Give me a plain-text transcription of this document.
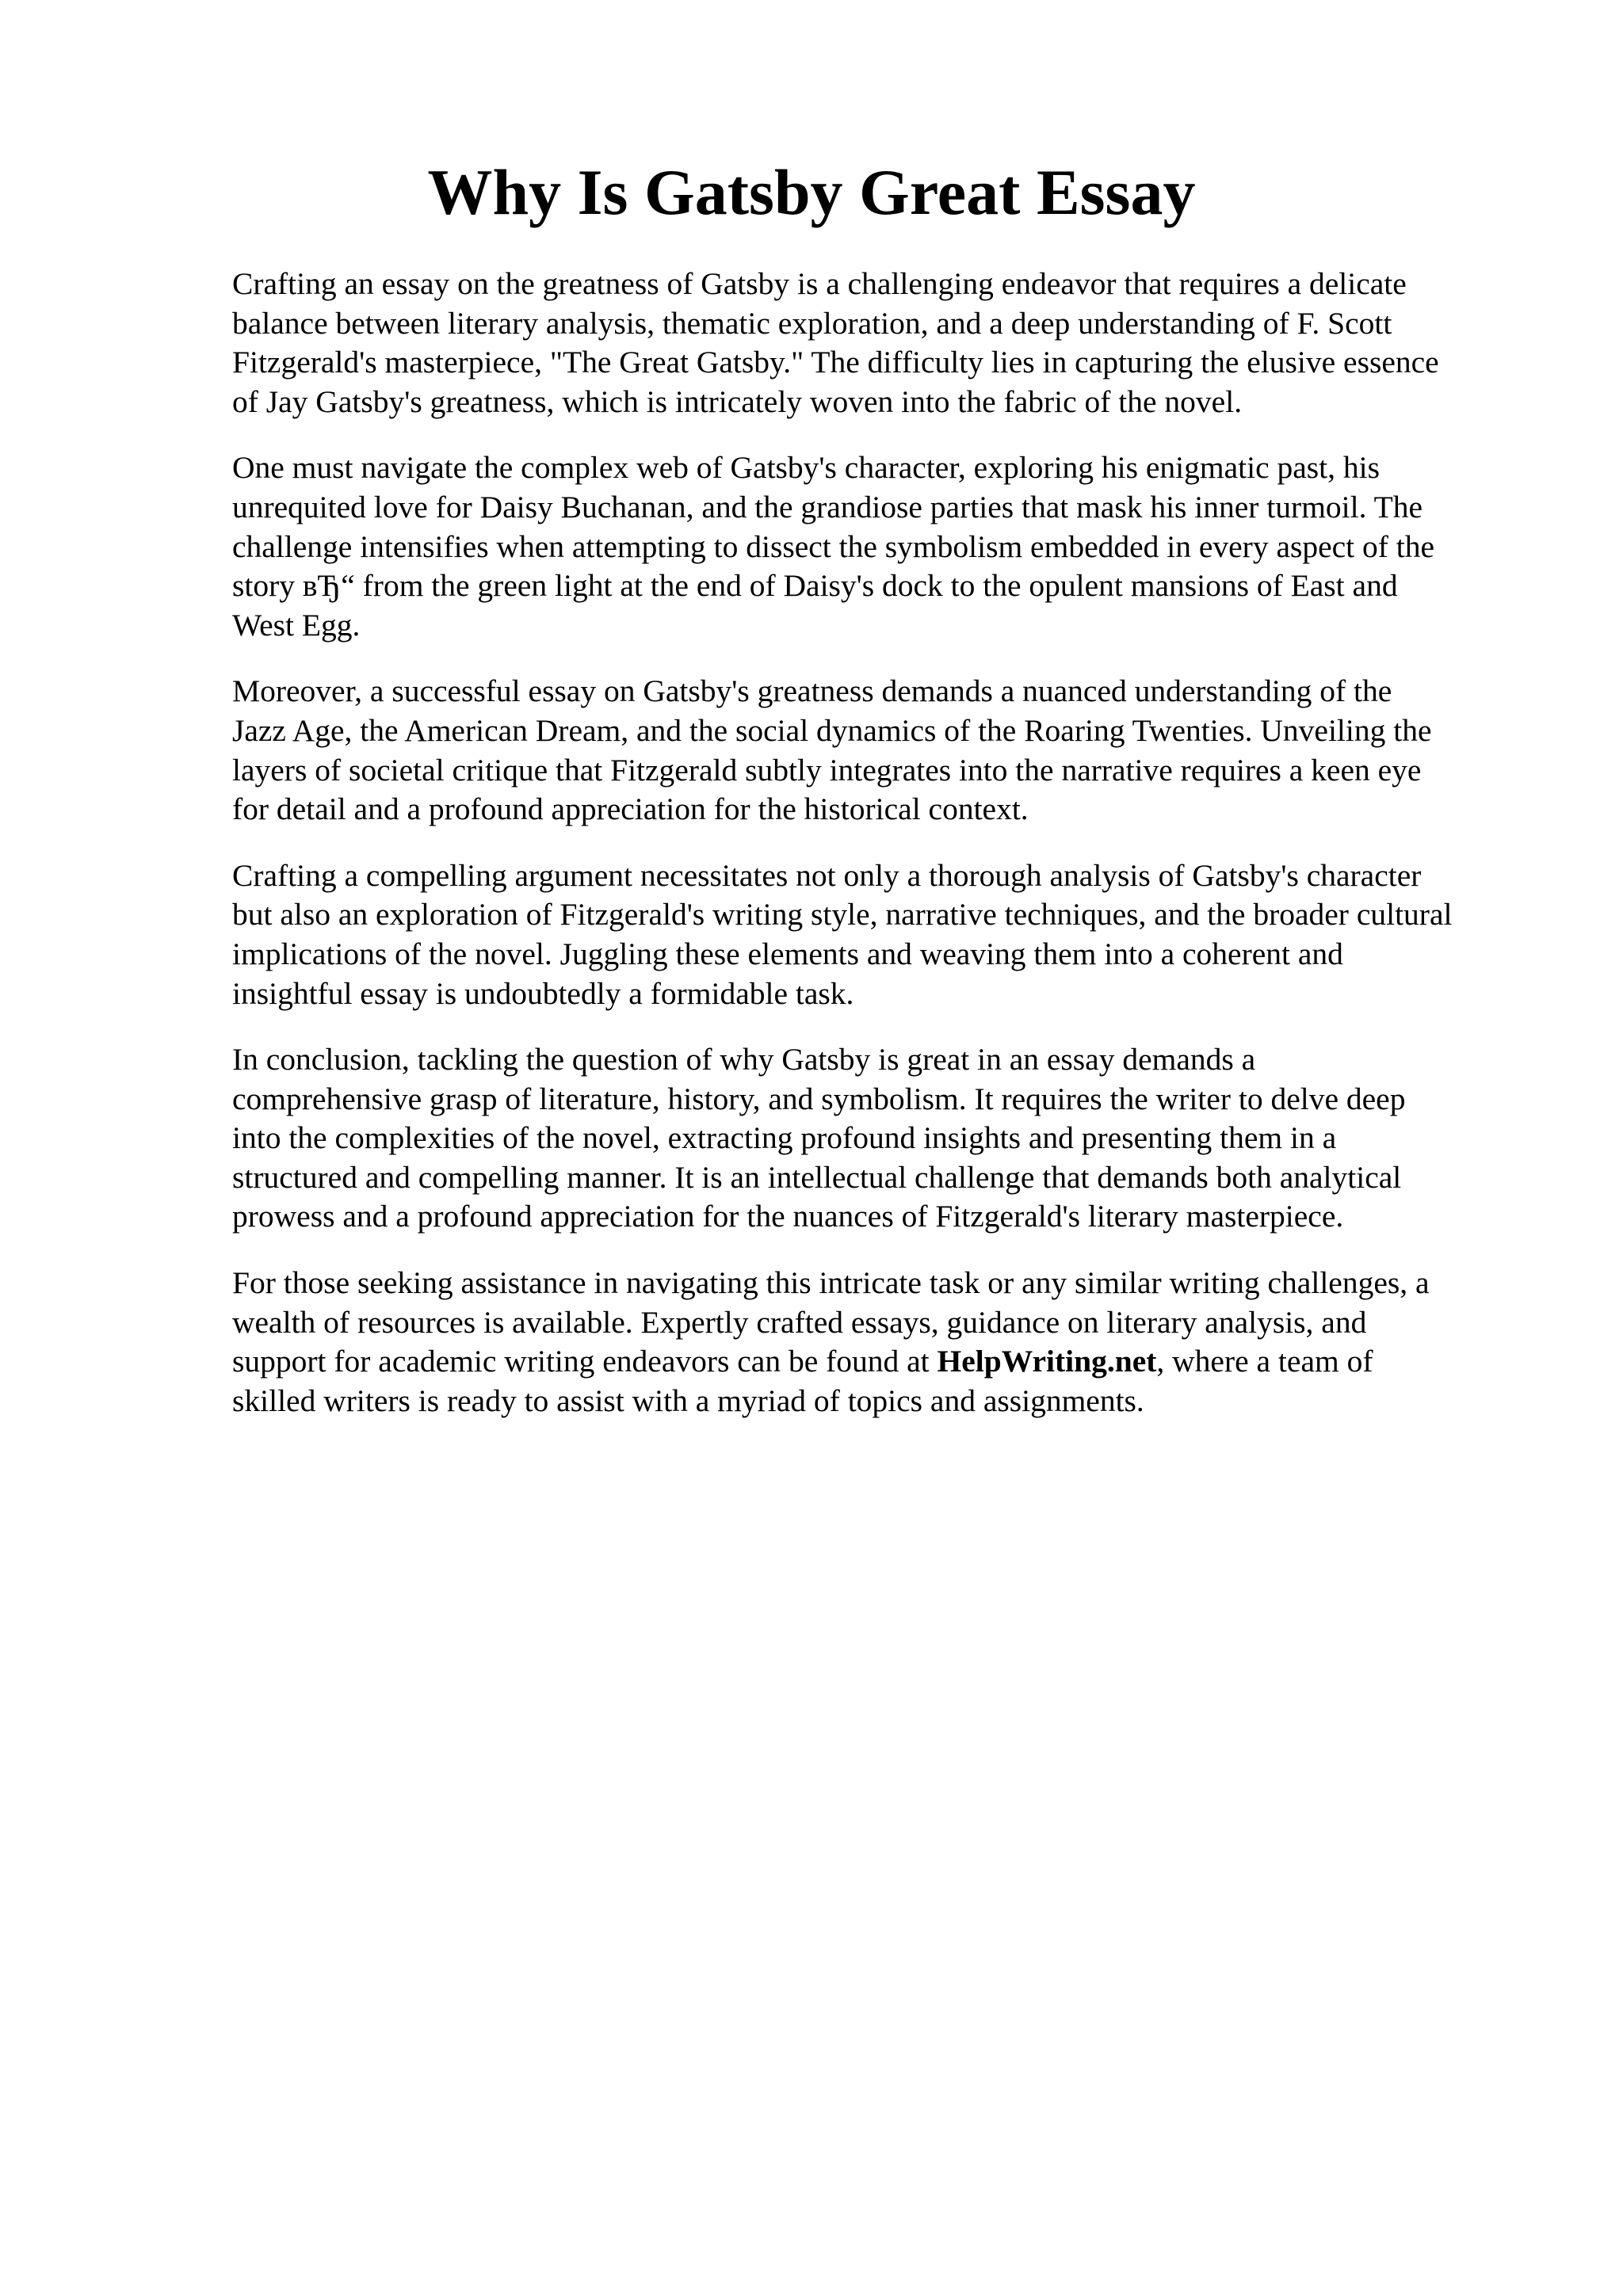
Why Is Gatsby Great Essay

Crafting an essay on the greatness of Gatsby is a challenging endeavor that requires a delicate
balance between literary analysis, thematic exploration, and a deep understanding of F. Scott
Fitzgerald's masterpiece, "The Great Gatsby." The difficulty lies in capturing the elusive essence
of Jay Gatsby's greatness, which is intricately woven into the fabric of the novel.

One must navigate the complex web of Gatsby's character, exploring his enigmatic past, his
unrequited love for Daisy Buchanan, and the grandiose parties that mask his inner turmoil. The
challenge intensifies when attempting to dissect the symbolism embedded in every aspect of the
story вЂ“ from the green light at the end of Daisy's dock to the opulent mansions of East and
West Egg.

Moreover, a successful essay on Gatsby's greatness demands a nuanced understanding of the
Jazz Age, the American Dream, and the social dynamics of the Roaring Twenties. Unveiling the
layers of societal critique that Fitzgerald subtly integrates into the narrative requires a keen eye
for detail and a profound appreciation for the historical context.

Crafting a compelling argument necessitates not only a thorough analysis of Gatsby's character
but also an exploration of Fitzgerald's writing style, narrative techniques, and the broader cultural
implications of the novel. Juggling these elements and weaving them into a coherent and
insightful essay is undoubtedly a formidable task.

In conclusion, tackling the question of why Gatsby is great in an essay demands a
comprehensive grasp of literature, history, and symbolism. It requires the writer to delve deep
into the complexities of the novel, extracting profound insights and presenting them in a
structured and compelling manner. It is an intellectual challenge that demands both analytical
prowess and a profound appreciation for the nuances of Fitzgerald's literary masterpiece.

For those seeking assistance in navigating this intricate task or any similar writing challenges, a
wealth of resources is available. Expertly crafted essays, guidance on literary analysis, and
support for academic writing endeavors can be found at HelpWriting.net, where a team of
skilled writers is ready to assist with a myriad of topics and assignments.
